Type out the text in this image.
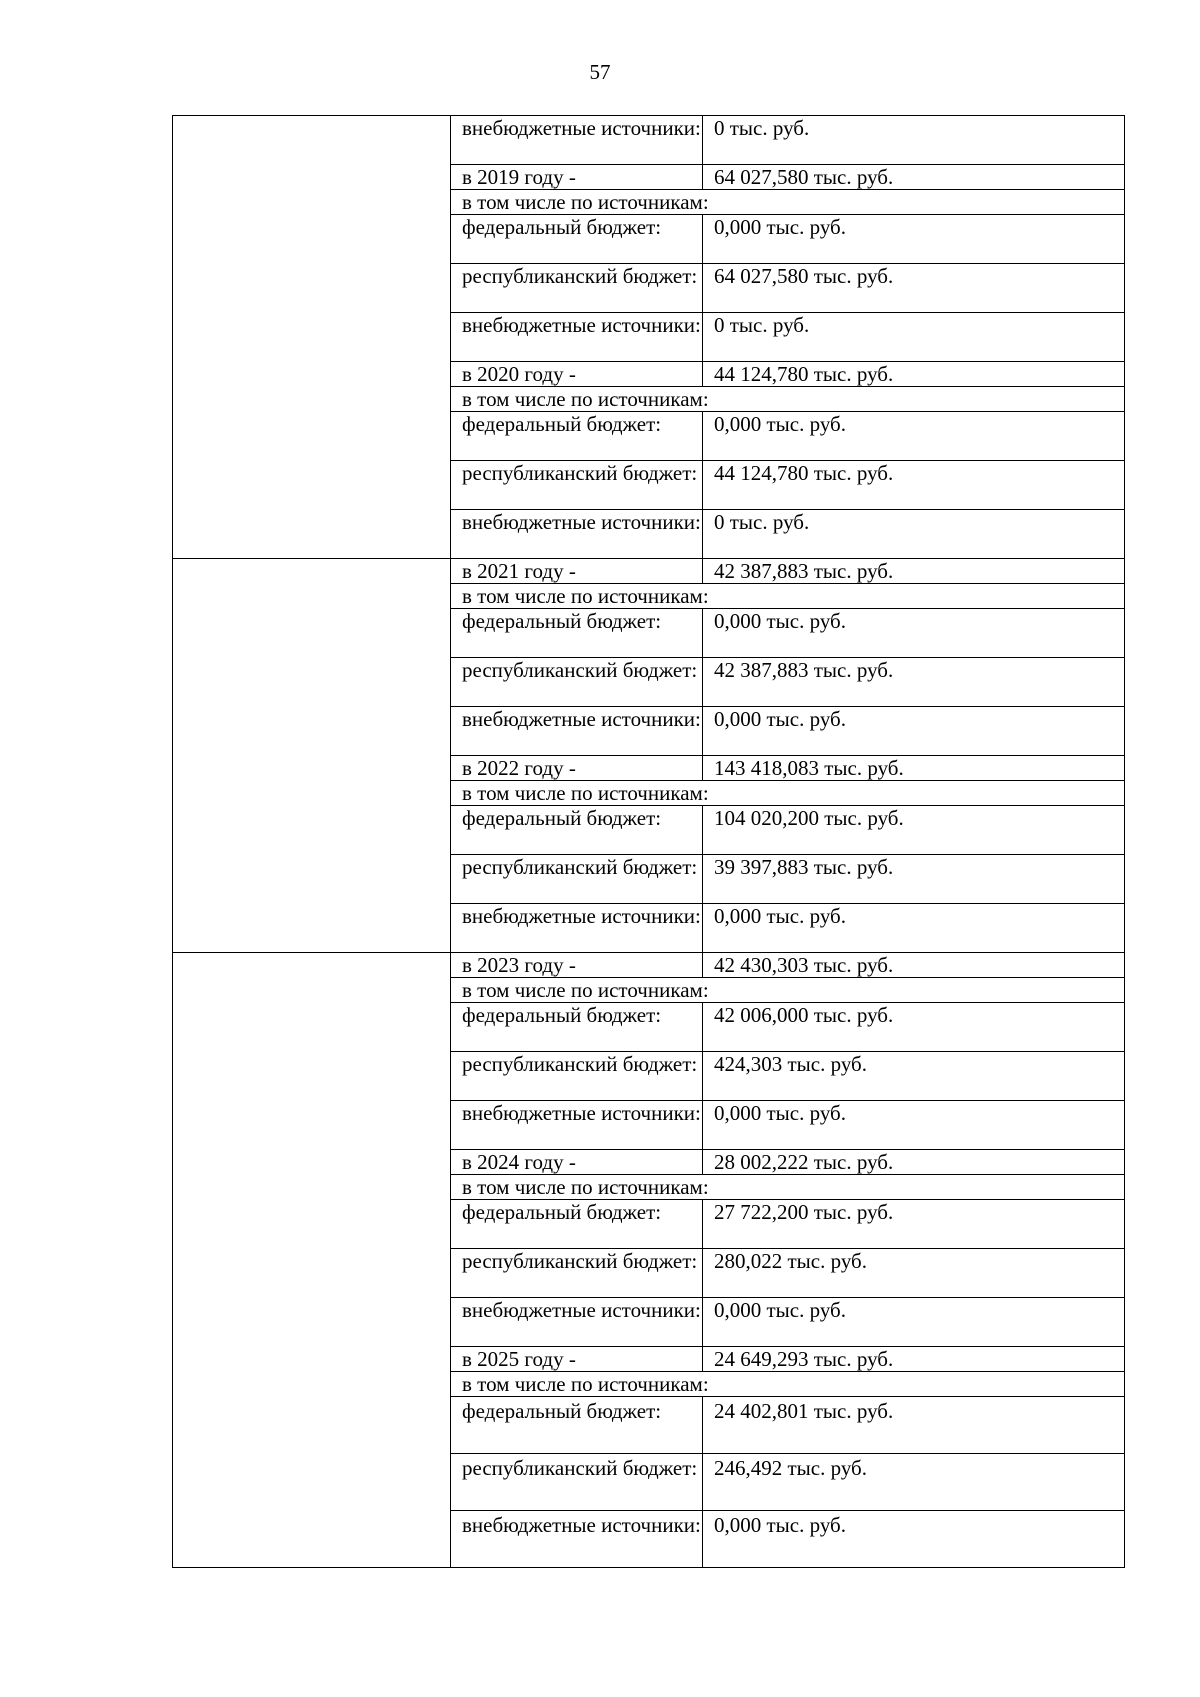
57
	внебюджетные источники:	0 тыс. руб.
	в 2019 году -	64 027,580 тыс. руб.
	в том числе по источникам:	
	федеральный бюджет:	0,000 тыс. руб.
	республиканский бюджет:	64 027,580 тыс. руб.
	внебюджетные источники:	0 тыс. руб.
	в 2020 году -	44 124,780 тыс. руб.
	в том числе по источникам:	
	федеральный бюджет:	0,000 тыс. руб.
	республиканский бюджет:	44 124,780 тыс. руб.
	внебюджетные источники:	0 тыс. руб.
	в 2021 году -	42 387,883 тыс. руб.
	в том числе по источникам:	
	федеральный бюджет:	0,000 тыс. руб.
	республиканский бюджет:	42 387,883 тыс. руб.
	внебюджетные источники:	0,000 тыс. руб.
	в 2022 году -	143 418,083 тыс. руб.
	в том числе по источникам:	
	федеральный бюджет:	104 020,200 тыс. руб.
	республиканский бюджет:	39 397,883 тыс. руб.
	внебюджетные источники:	0,000 тыс. руб.
	в 2023 году -	42 430,303 тыс. руб.
	в том числе по источникам:	
	федеральный бюджет:	42 006,000 тыс. руб.
	республиканский бюджет:	424,303 тыс. руб.
	внебюджетные источники:	0,000 тыс. руб.
	в 2024 году -	28 002,222 тыс. руб.
	в том числе по источникам:	
	федеральный бюджет:	27 722,200 тыс. руб.
	республиканский бюджет:	280,022 тыс. руб.
	внебюджетные источники:	0,000 тыс. руб.
	в 2025 году -	24 649,293 тыс. руб.
	в том числе по источникам:	
	федеральный бюджет:	24 402,801 тыс. руб.
	республиканский бюджет:	246,492 тыс. руб.
	внебюджетные источники:	0,000 тыс. руб.
